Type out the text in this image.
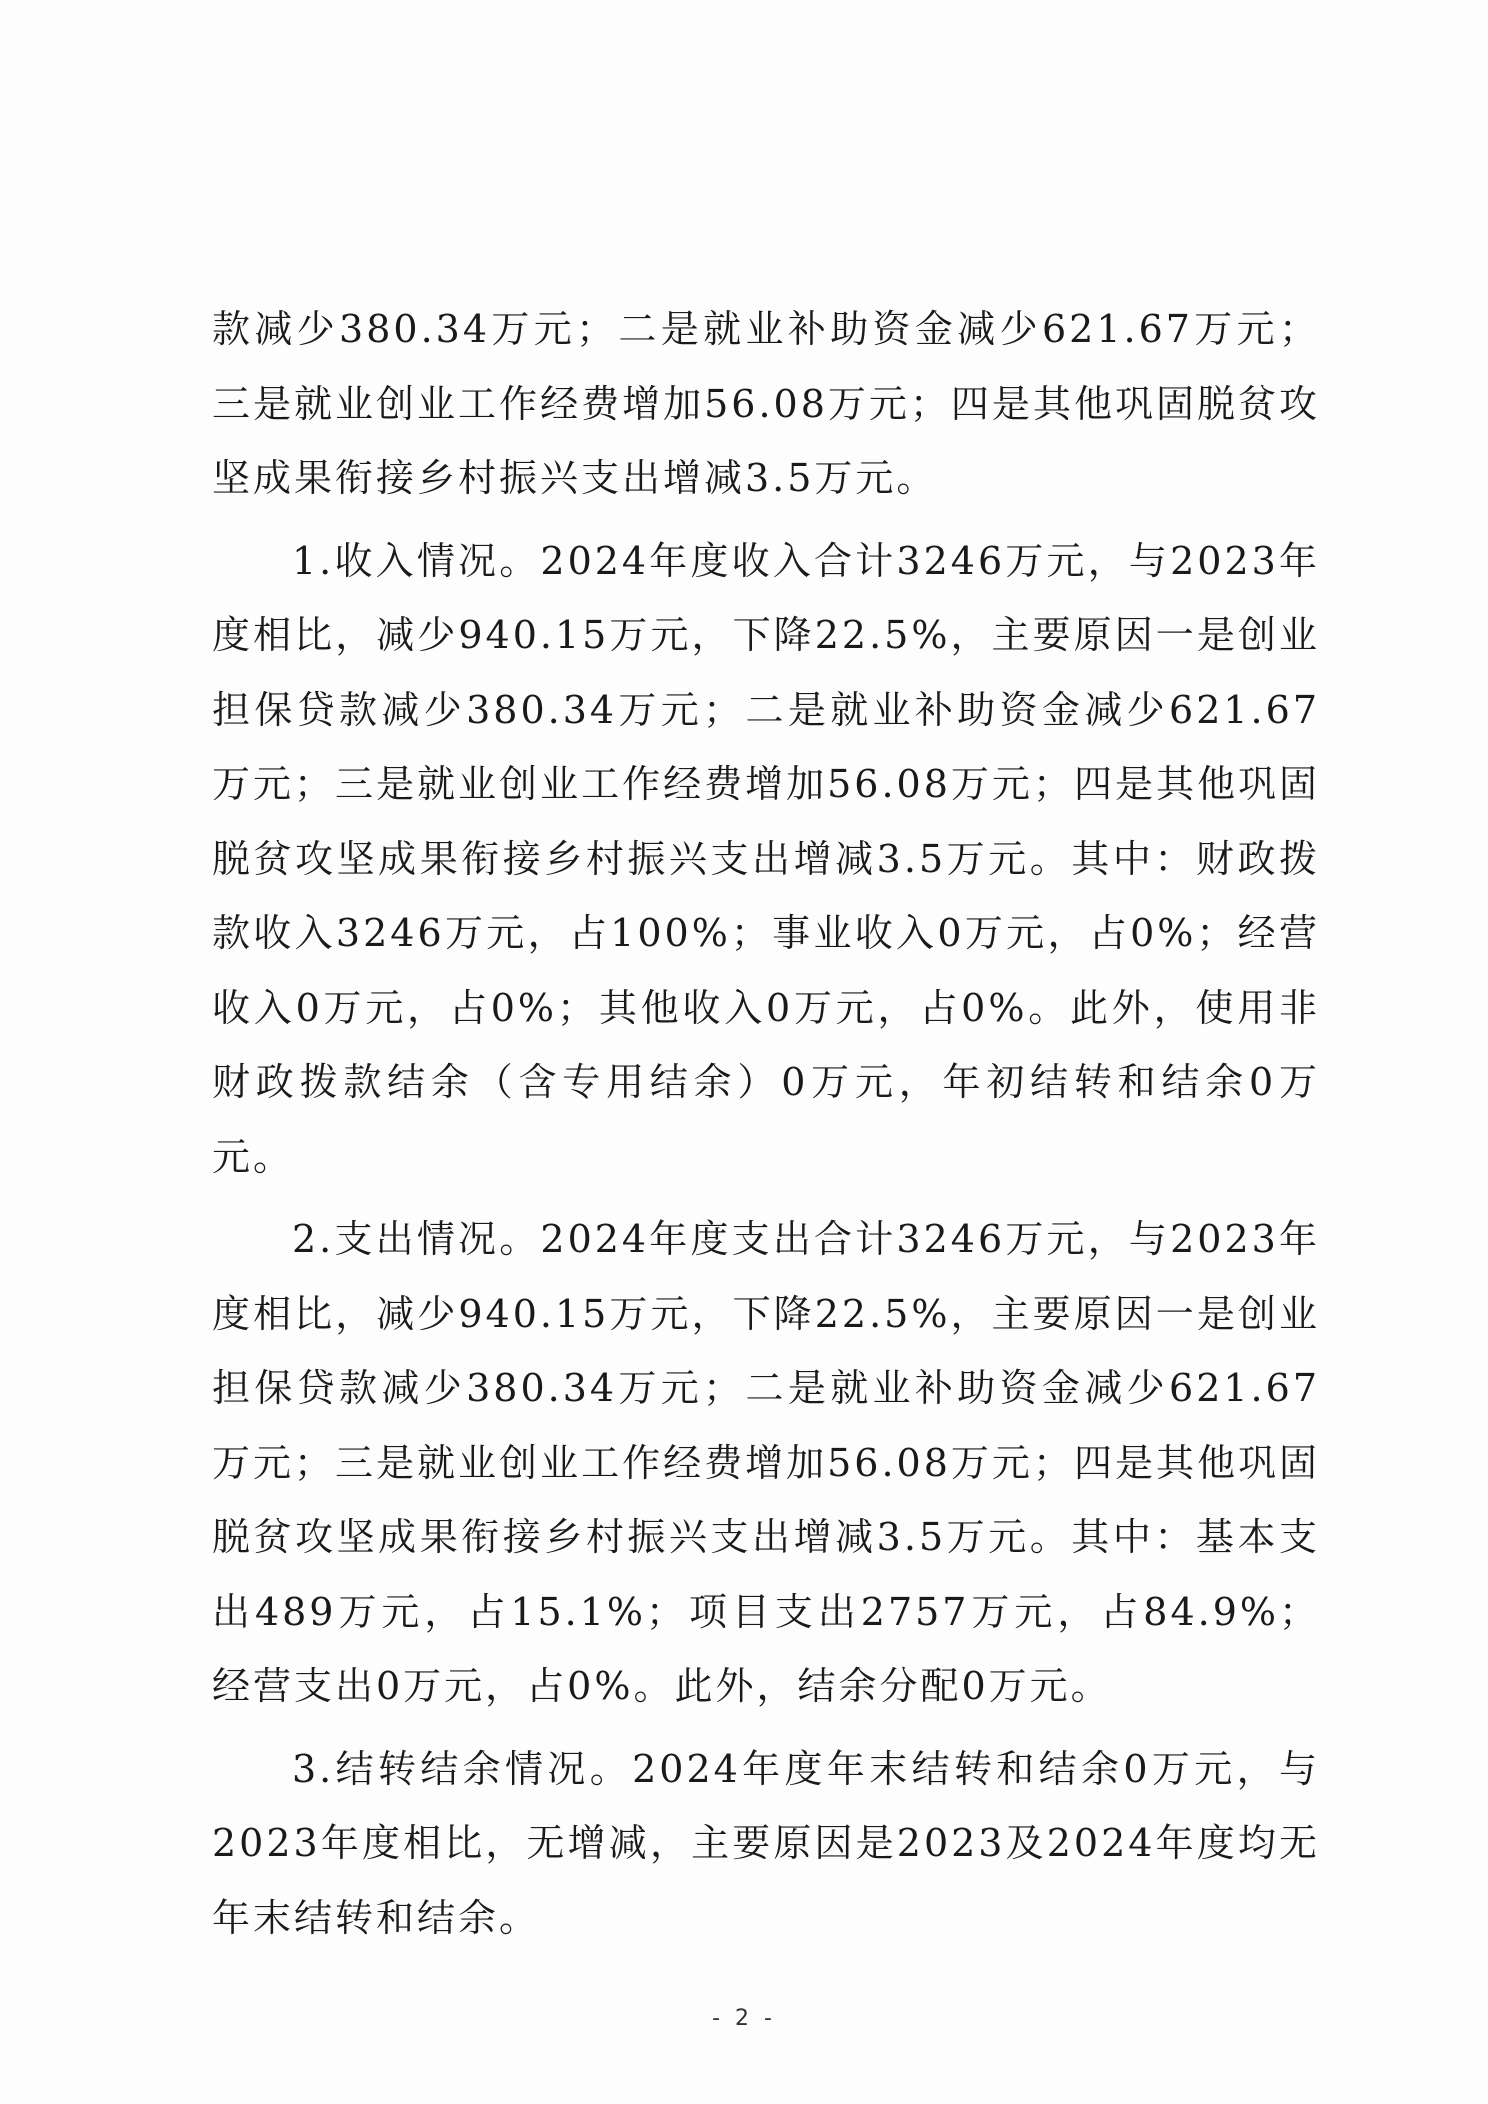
款减少380.34万元；二是就业补助资金减少621.67万元；三是就业创业工作经费增加56.08万元；四是其他巩固脱贫攻坚成果衔接乡村振兴支出增减3.5万元。

1.收入情况。2024年度收入合计3246万元，与2023年度相比，减少940.15万元，下降22.5%，主要原因一是创业担保贷款减少380.34万元；二是就业补助资金减少621.67万元；三是就业创业工作经费增加56.08万元；四是其他巩固脱贫攻坚成果衔接乡村振兴支出增减3.5万元。其中：财政拨款收入3246万元，占100%；事业收入0万元，占0%；经营收入0万元，占0%；其他收入0万元，占0%。此外，使用非财政拨款结余（含专用结余）0万元，年初结转和结余0万元。

2.支出情况。2024年度支出合计3246万元，与2023年度相比，减少940.15万元，下降22.5%，主要原因一是创业担保贷款减少380.34万元；二是就业补助资金减少621.67万元；三是就业创业工作经费增加56.08万元；四是其他巩固脱贫攻坚成果衔接乡村振兴支出增减3.5万元。其中：基本支出489万元，占15.1%；项目支出2757万元，占84.9%；经营支出0万元，占0%。此外，结余分配0万元。

3.结转结余情况。2024年度年末结转和结余0万元，与2023年度相比，无增减，主要原因是2023及2024年度均无年末结转和结余。

- 2 -
